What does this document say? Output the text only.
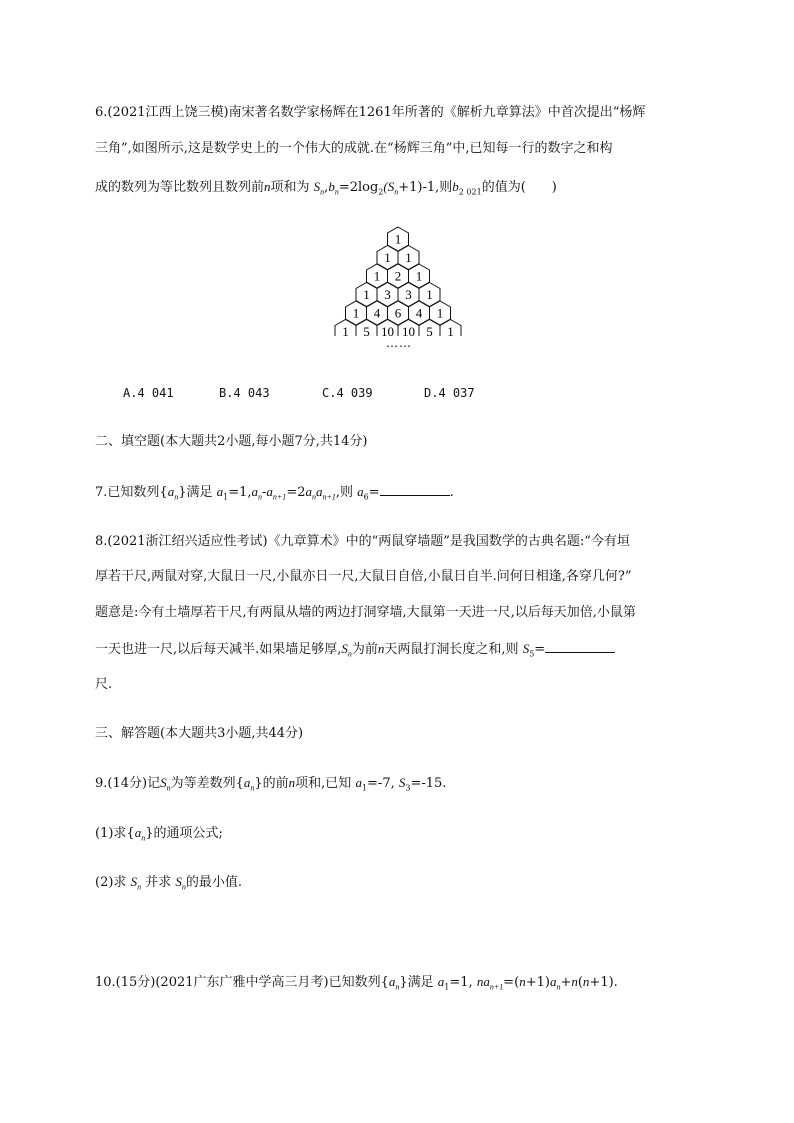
6.(2021江西上饶三模)南宋著名数学家杨辉在1261年所著的《解析九章算法》中首次提出“杨辉
三角”,如图所示,这是数学史上的一个伟大的成就.在“杨辉三角”中,已知每一行的数字之和构
成的数列为等比数列且数列前n项和为 $S_n,b_n=2\log_2(S_n+1)-1$,则$b_{2 021}$的值为(　　)
1
1 1
1 2 1
1 3 3 1
1 4 6 4 1
1 5 10 10 5 1
……
A.4 041	B.4 043	C.4 039	D.4 037
二、填空题(本大题共2小题,每小题7分,共14分)
7.已知数列$\{a_n\}$满足 $a_1=1,a_n-a_{n+1}=2a_na_{n+1}$,则 $a_6=$	.
8.(2021浙江绍兴适应性考试)《九章算术》中的“两鼠穿墙题”是我国数学的古典名题:“今有垣
厚若干尺,两鼠对穿,大鼠日一尺,小鼠亦日一尺,大鼠日自倍,小鼠日自半.问何日相逢,各穿几何?”
题意是:今有土墙厚若干尺,有两鼠从墙的两边打洞穿墙,大鼠第一天进一尺,以后每天加倍,小鼠第
一天也进一尺,以后每天减半.如果墙足够厚$,S_n$为前n天两鼠打洞长度之和,则 $S_5=$
尺.
三、解答题(本大题共3小题,共44分)
9.(14分)记$S_n$为等差数列$\{a_n\}$的前n项和,已知 $a_1=-7$, $S_3=-15$.
(1)求$\{a_n\}$的通项公式;
(2)求 $S_n$ 并求 $S_n$的最小值.
10.(15分)(2021广东广雅中学高三月考)已知数列$\{a_n\}$满足 $a_1=1$, $na_{n+1}=(n+1)a_n+n(n+1)$.
